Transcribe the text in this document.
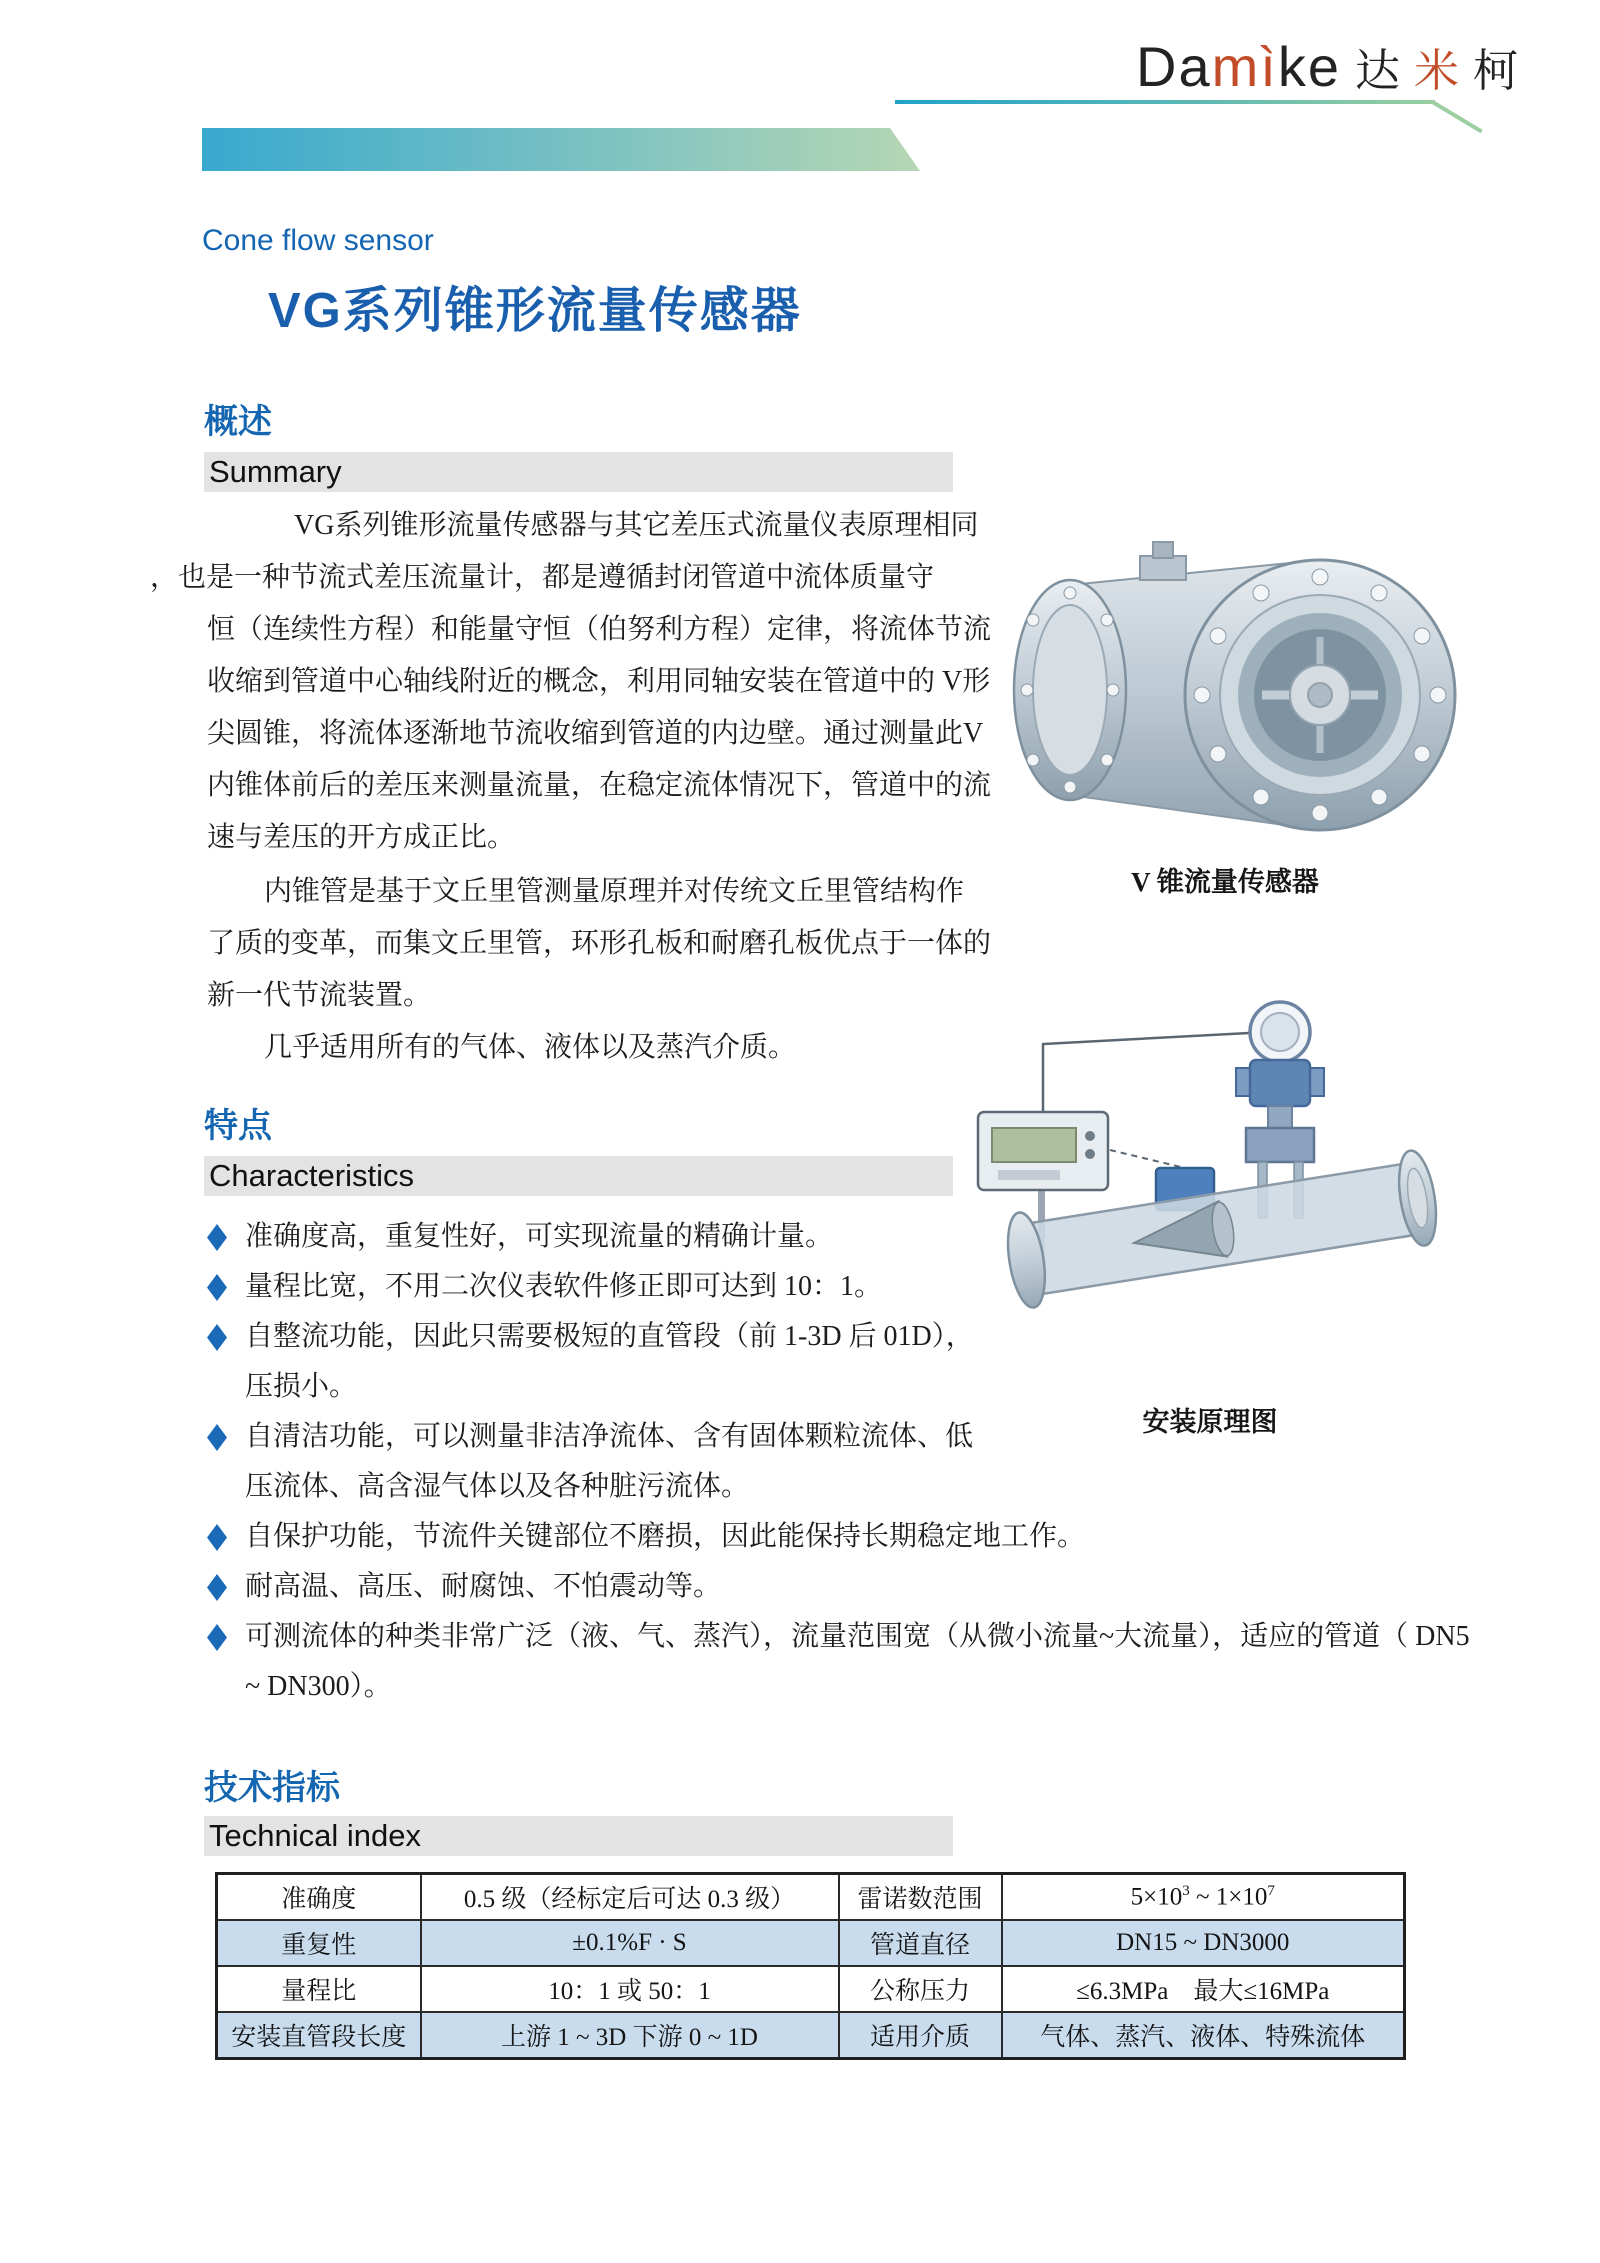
Da mì ke 达 米 柯
Cone flow sensor
VG系列锥形流量传感器
概述
Summary
VG系列锥形流量传感器与其它差压式流量仪表原理相同
，也是一种节流式差压流量计，都是遵循封闭管道中流体质量守
恒（连续性方程）和能量守恒（伯努利方程）定律，将流体节流
收缩到管道中心轴线附近的概念，利用同轴安装在管道中的 V形
尖圆锥，将流体逐渐地节流收缩到管道的内边壁。通过测量此V
内锥体前后的差压来测量流量，在稳定流体情况下，管道中的流
速与差压的开方成正比。
内锥管是基于文丘里管测量原理并对传统文丘里管结构作
了质的变革，而集文丘里管，环形孔板和耐磨孔板优点于一体的
新一代节流装置。
几乎适用所有的气体、液体以及蒸汽介质。
V 锥流量传感器
特点
Characteristics
安装原理图
准确度高，重复性好，可实现流量的精确计量。
量程比宽，不用二次仪表软件修正即可达到 10：1。
自整流功能，因此只需要极短的直管段（前 1-3D 后 01D），
压损小。
自清洁功能，可以测量非洁净流体、含有固体颗粒流体、低
压流体、高含湿气体以及各种脏污流体。
自保护功能，节流件关键部位不磨损，因此能保持长期稳定地工作。
耐高温、高压、耐腐蚀、不怕震动等。
可测流体的种类非常广泛（液、气、蒸汽），流量范围宽（从微小流量~大流量），适应的管道（ DN5
~ DN300）。
技术指标
Technical index
准确度	0.5 级（经标定后可达 0.3 级）	雷诺数范围	$5\times 10^3$ ~ $1\times 10^7$
重复性	±0.1%F · S	管道直径	DN15 ~ DN3000
量程比	10：1 或 50：1	公称压力	≤6.3MPa　最大≤16MPa
安装直管段长度	上游 1 ~ 3D 下游 0 ~ 1D	适用介质	气体、蒸汽、液体、特殊流体
